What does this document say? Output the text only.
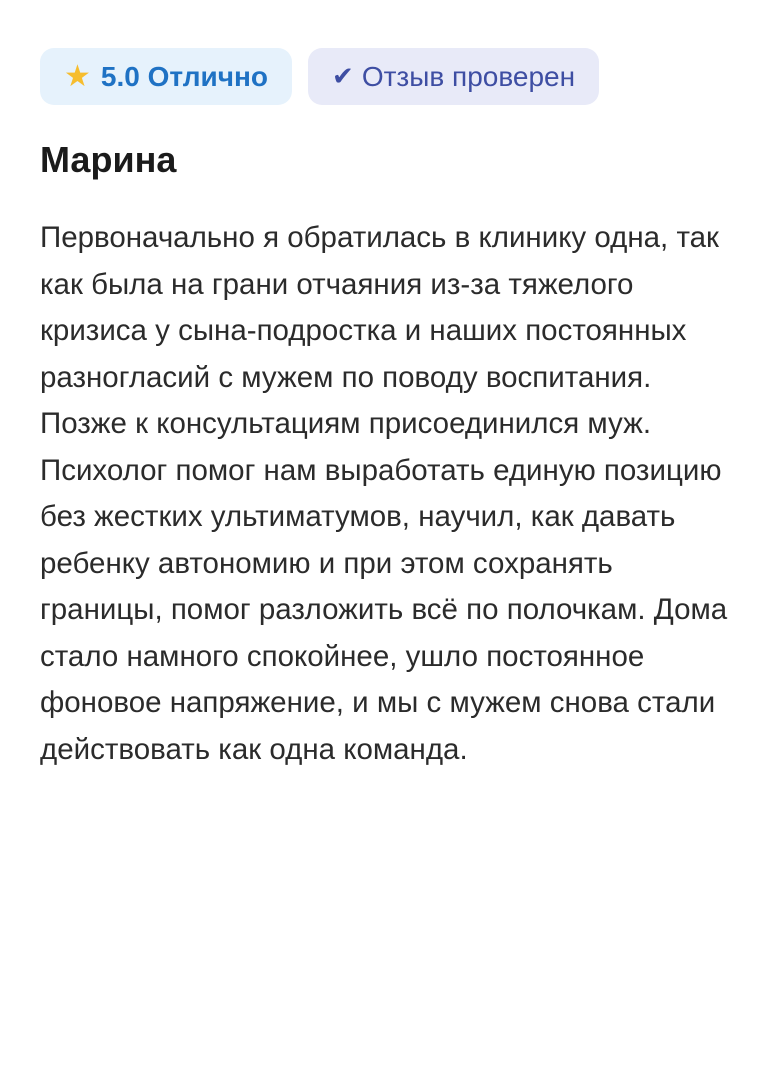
★ 5.0 Отлично ✔ Отзыв проверен
Марина

Первоначально я обратилась в клинику одна, так как была на грани отчаяния из-за тяжелого кризиса у сына-подростка и наших постоянных разногласий с мужем по поводу воспитания. Позже к консультациям присоединился муж. Психолог помог нам выработать единую позицию без жестких ультиматумов, научил, как давать ребенку автономию и при этом сохранять границы, помог разложить всё по полочкам. Дома стало намного спокойнее, ушло постоянное фоновое напряжение, и мы с мужем снова стали действовать как одна команда.
